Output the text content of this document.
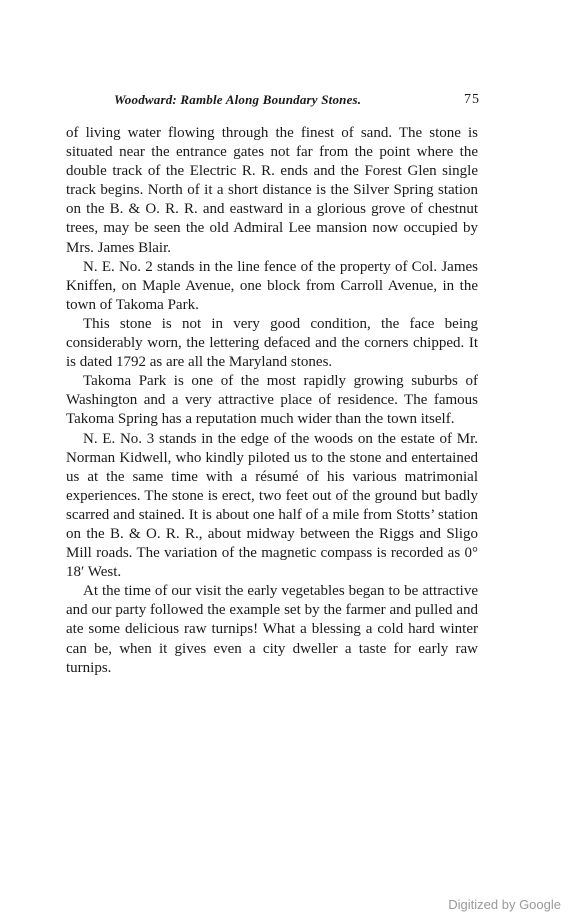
Woodward: Ramble Along Boundary Stones.	75

of living water flowing through the finest of sand. The stone is situated near the entrance gates not far from the point where the double track of the Electric R. R. ends and the Forest Glen single track begins. North of it a short distance is the Silver Spring station on the B. & O. R. R. and eastward in a glorious grove of chestnut trees, may be seen the old Admiral Lee mansion now occupied by Mrs. James Blair.

N. E. No. 2 stands in the line fence of the property of Col. James Kniffen, on Maple Avenue, one block from Carroll Avenue, in the town of Takoma Park.

This stone is not in very good condition, the face being considerably worn, the lettering defaced and the corners chipped. It is dated 1792 as are all the Maryland stones.

Takoma Park is one of the most rapidly growing suburbs of Washington and a very attractive place of residence. The famous Takoma Spring has a reputation much wider than the town itself.

N. E. No. 3 stands in the edge of the woods on the estate of Mr. Norman Kidwell, who kindly piloted us to the stone and entertained us at the same time with a résumé of his various matrimonial experiences. The stone is erect, two feet out of the ground but badly scarred and stained. It is about one half of a mile from Stotts’ station on the B. & O. R. R., about midway between the Riggs and Sligo Mill roads. The variation of the magnetic compass is recorded as 0° 18′ West.

At the time of our visit the early vegetables began to be attractive and our party followed the example set by the farmer and pulled and ate some delicious raw turnips! What a blessing a cold hard winter can be, when it gives even a city dweller a taste for early raw turnips.

Digitized by Google
